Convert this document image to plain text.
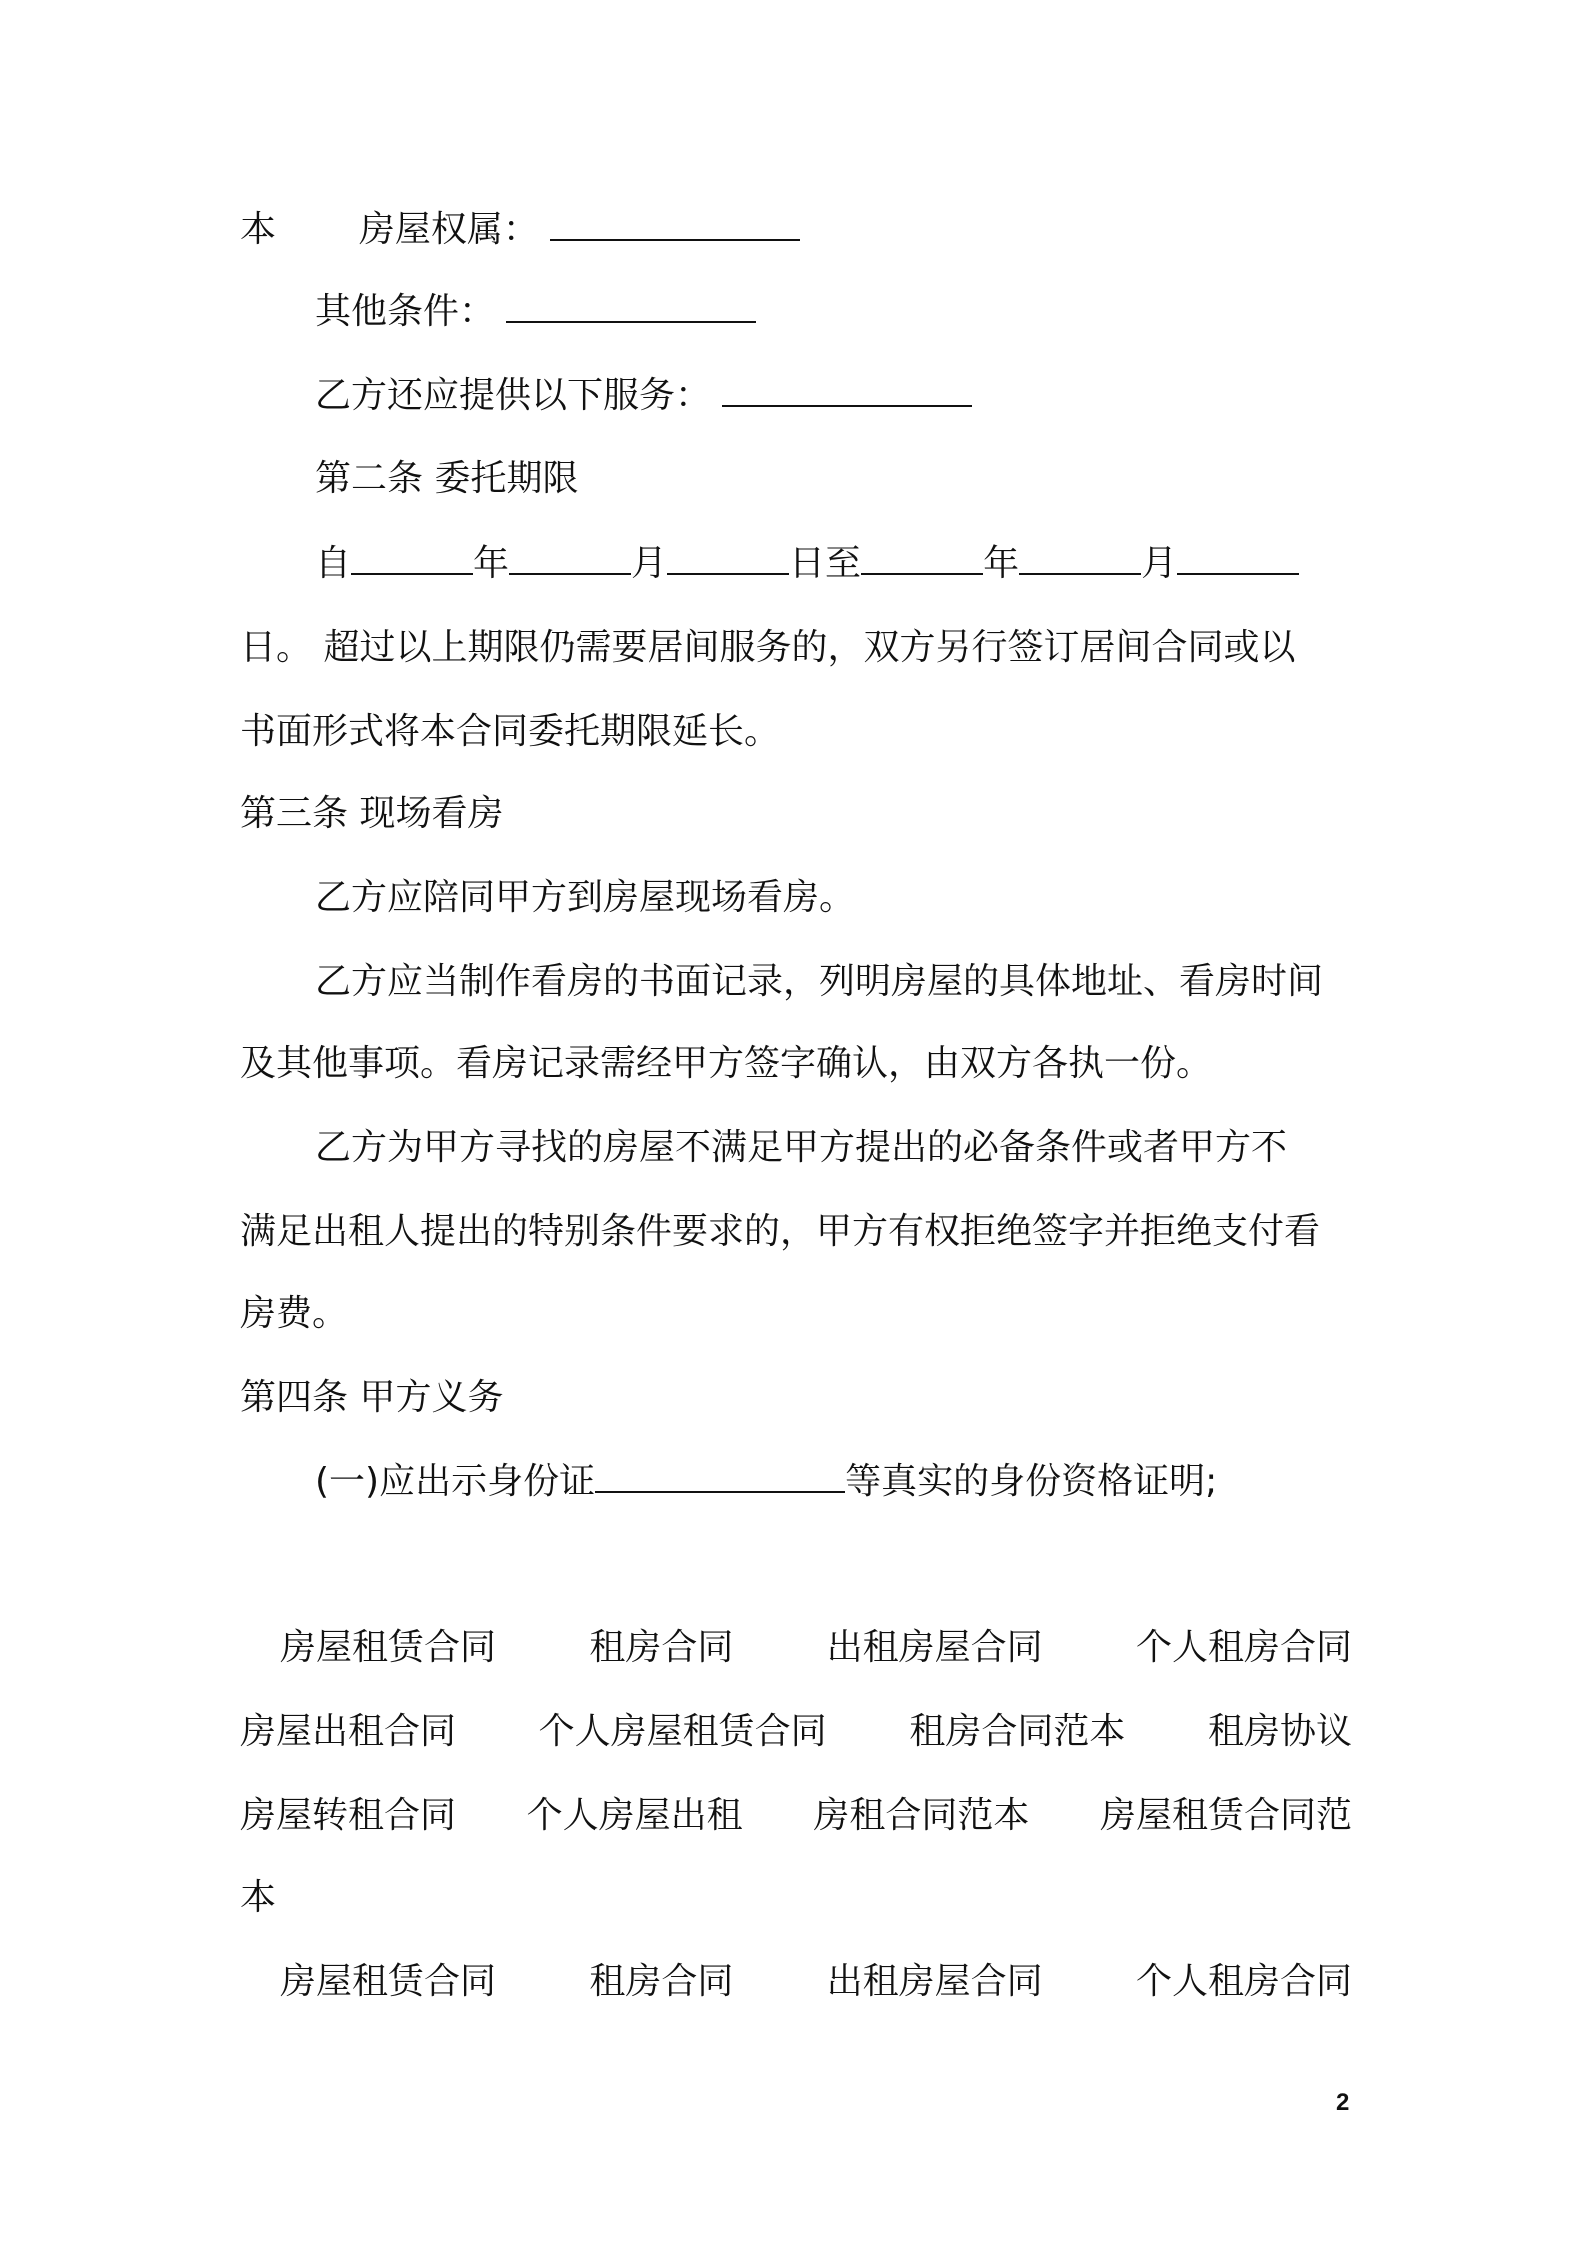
本 房屋权属：
其他条件：
乙方还应提供以下服务：
第二条 委托期限
自	年	月	日至	年	月
日。 超过以上期限仍需要居间服务的，双方另行签订居间合同或以
书面形式将本合同委托期限延长。
第三条 现场看房
乙方应陪同甲方到房屋现场看房。
乙方应当制作看房的书面记录，列明房屋的具体地址、看房时间
及其他事项。看房记录需经甲方签字确认，由双方各执一份。
乙方为甲方寻找的房屋不满足甲方提出的必备条件或者甲方不
满足出租人提出的特别条件要求的，甲方有权拒绝签字并拒绝支付看
房费。
第四条 甲方义务
(一)应出示身份证	等真实的身份资格证明;
房屋租赁合同	租房合同	出租房屋合同	个人租房合同
房屋出租合同 个人房屋租赁合同 租房合同范本 租房协议
房屋转租合同 个人房屋出租 房租合同范本 房屋租赁合同范
本
房屋租赁合同	租房合同	出租房屋合同	个人租房合同
2
